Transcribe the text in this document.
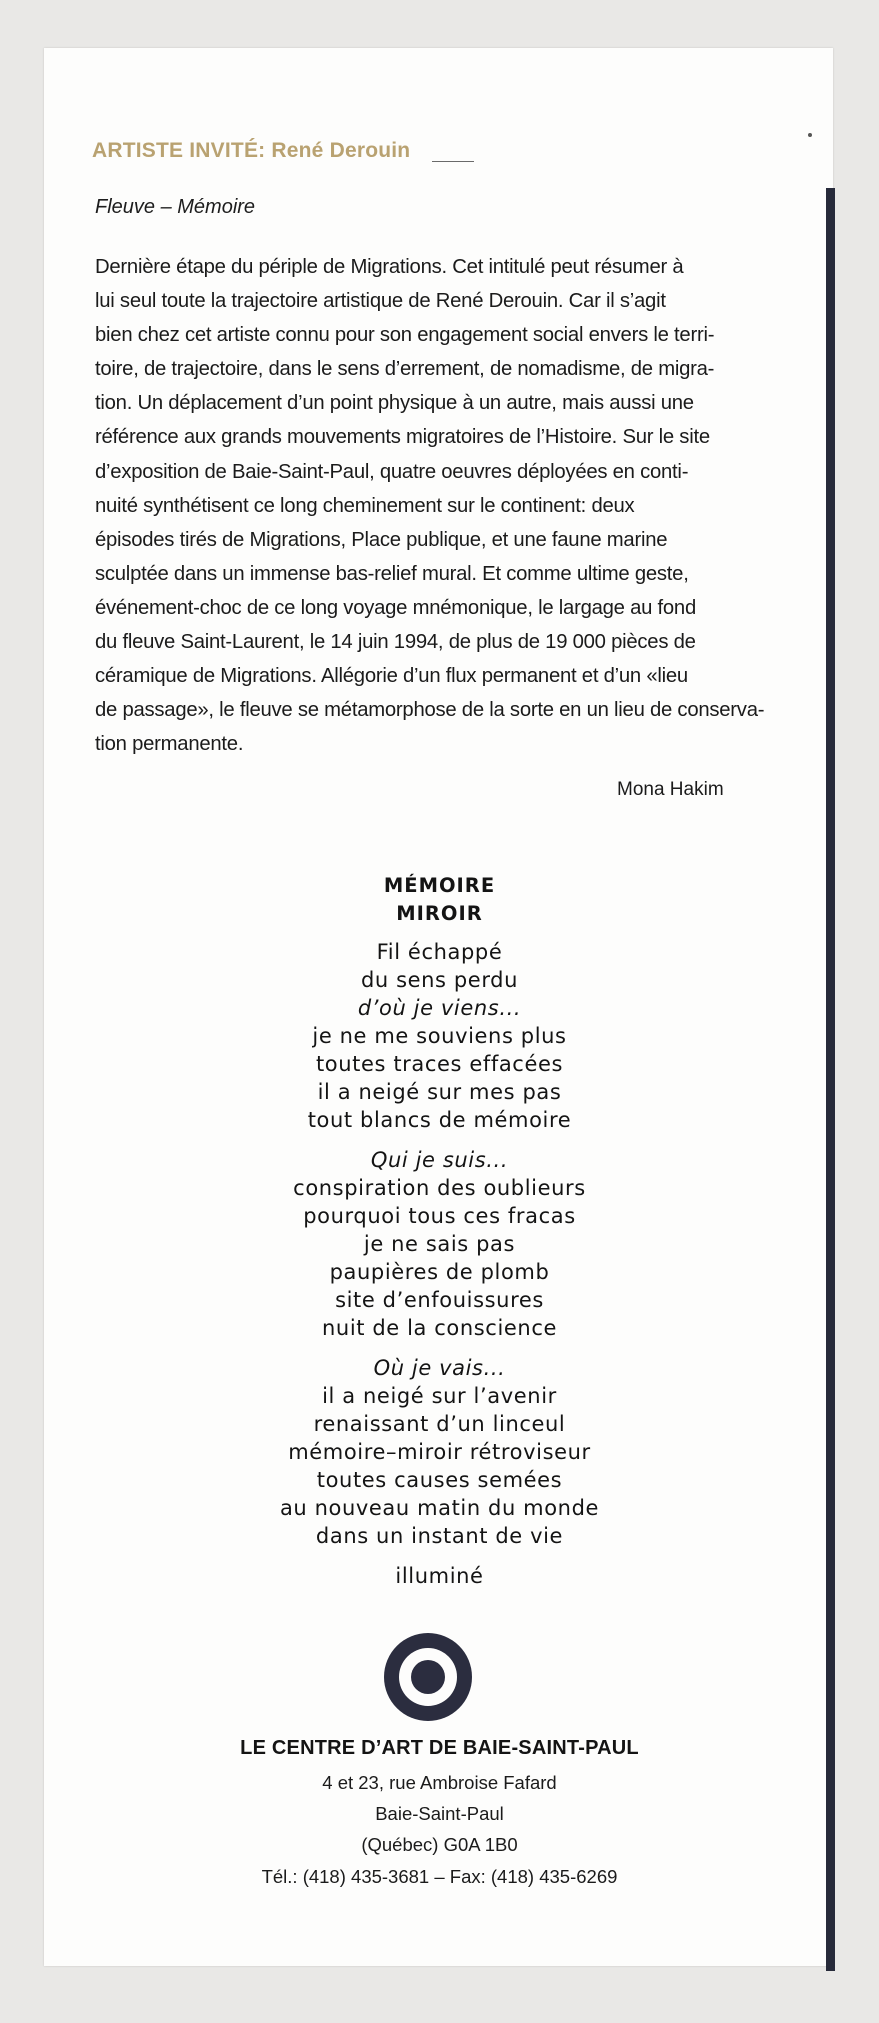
ARTISTE INVITÉ: René Derouin
Fleuve – Mémoire
Dernière étape du périple de Migrations. Cet intitulé peut résumer à
lui seul toute la trajectoire artistique de René Derouin. Car il s’agit
bien chez cet artiste connu pour son engagement social envers le terri-
toire, de trajectoire, dans le sens d’errement, de nomadisme, de migra-
tion. Un déplacement d’un point physique à un autre, mais aussi une
référence aux grands mouvements migratoires de l’Histoire. Sur le site
d’exposition de Baie-Saint-Paul, quatre oeuvres déployées en conti-
nuité synthétisent ce long cheminement sur le continent: deux
épisodes tirés de Migrations, Place publique, et une faune marine
sculptée dans un immense bas-relief mural. Et comme ultime geste,
événement-choc de ce long voyage mnémonique, le largage au fond
du fleuve Saint-Laurent, le 14 juin 1994, de plus de 19 000 pièces de
céramique de Migrations. Allégorie d’un flux permanent et d’un «lieu
de passage», le fleuve se métamorphose de la sorte en un lieu de conserva-
tion permanente.
Mona Hakim
MÉMOIRE
MIROIR
Fil échappé
du sens perdu
d’où je viens...
je ne me souviens plus
toutes traces effacées
il a neigé sur mes pas
tout blancs de mémoire
Qui je suis...
conspiration des oublieurs
pourquoi tous ces fracas
je ne sais pas
paupières de plomb
site d’enfouissures
nuit de la conscience
Où je vais...
il a neigé sur l’avenir
renaissant d’un linceul
mémoire–miroir rétroviseur
toutes causes semées
au nouveau matin du monde
dans un instant de vie
illuminé
LE CENTRE D’ART DE BAIE-SAINT-PAUL
4 et 23, rue Ambroise Fafard
Baie-Saint-Paul
(Québec) G0A 1B0
Tél.: (418) 435-3681 – Fax: (418) 435-6269
